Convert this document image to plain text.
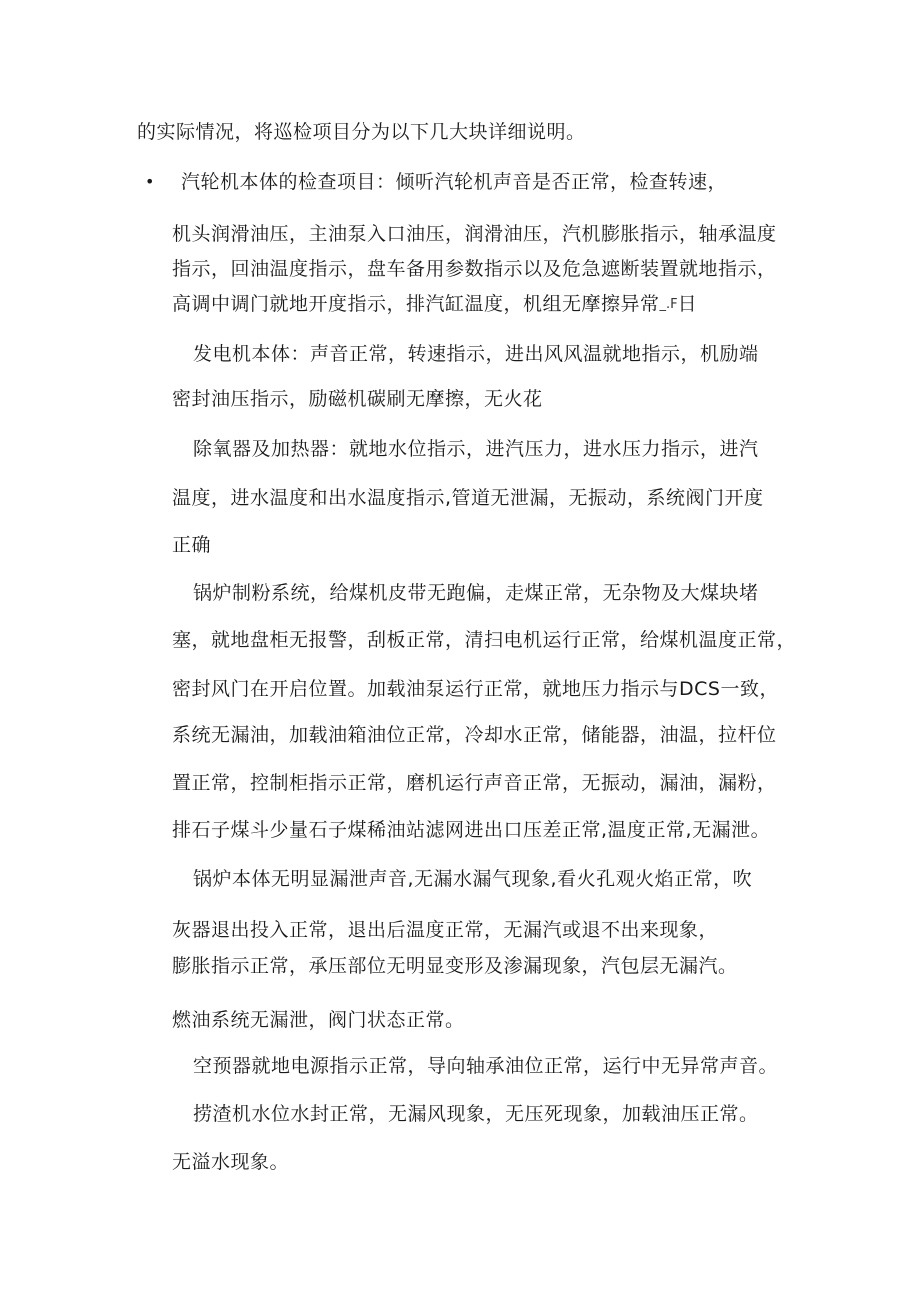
的实际情况，将巡检项目分为以下几大块详细说明。
• 汽轮机本体的检查项目：倾听汽轮机声音是否正常，检查转速，
机头润滑油压，主油泵入口油压，润滑油压，汽机膨胀指示，轴承温度
指示，回油温度指示，盘车备用参数指示以及危急遮断装置就地指示，
高调中调门就地开度指示，排汽缸温度，机组无摩擦异常_.F日
发电机本体：声音正常，转速指示，进出风风温就地指示，机励端
密封油压指示，励磁机碳刷无摩擦，无火花
除氧器及加热器：就地水位指示，进汽压力，进水压力指示，进汽
温度，进水温度和出水温度指示,管道无泄漏，无振动，系统阀门开度
正确
锅炉制粉系统，给煤机皮带无跑偏，走煤正常，无杂物及大煤块堵
塞，就地盘柜无报警，刮板正常，清扫电机运行正常，给煤机温度正常，
密封风门在开启位置。加载油泵运行正常，就地压力指示与DCS一致，
系统无漏油，加载油箱油位正常，冷却水正常，储能器，油温，拉杆位
置正常，控制柜指示正常，磨机运行声音正常，无振动，漏油，漏粉，
排石子煤斗少量石子煤稀油站滤网进出口压差正常,温度正常,无漏泄。
锅炉本体无明显漏泄声音,无漏水漏气现象,看火孔观火焰正常，吹
灰器退出投入正常，退出后温度正常，无漏汽或退不出来现象，
膨胀指示正常，承压部位无明显变形及渗漏现象，汽包层无漏汽。
燃油系统无漏泄，阀门状态正常。
空预器就地电源指示正常，导向轴承油位正常，运行中无异常声音。
捞渣机水位水封正常，无漏风现象，无压死现象，加载油压正常。
无溢水现象。
